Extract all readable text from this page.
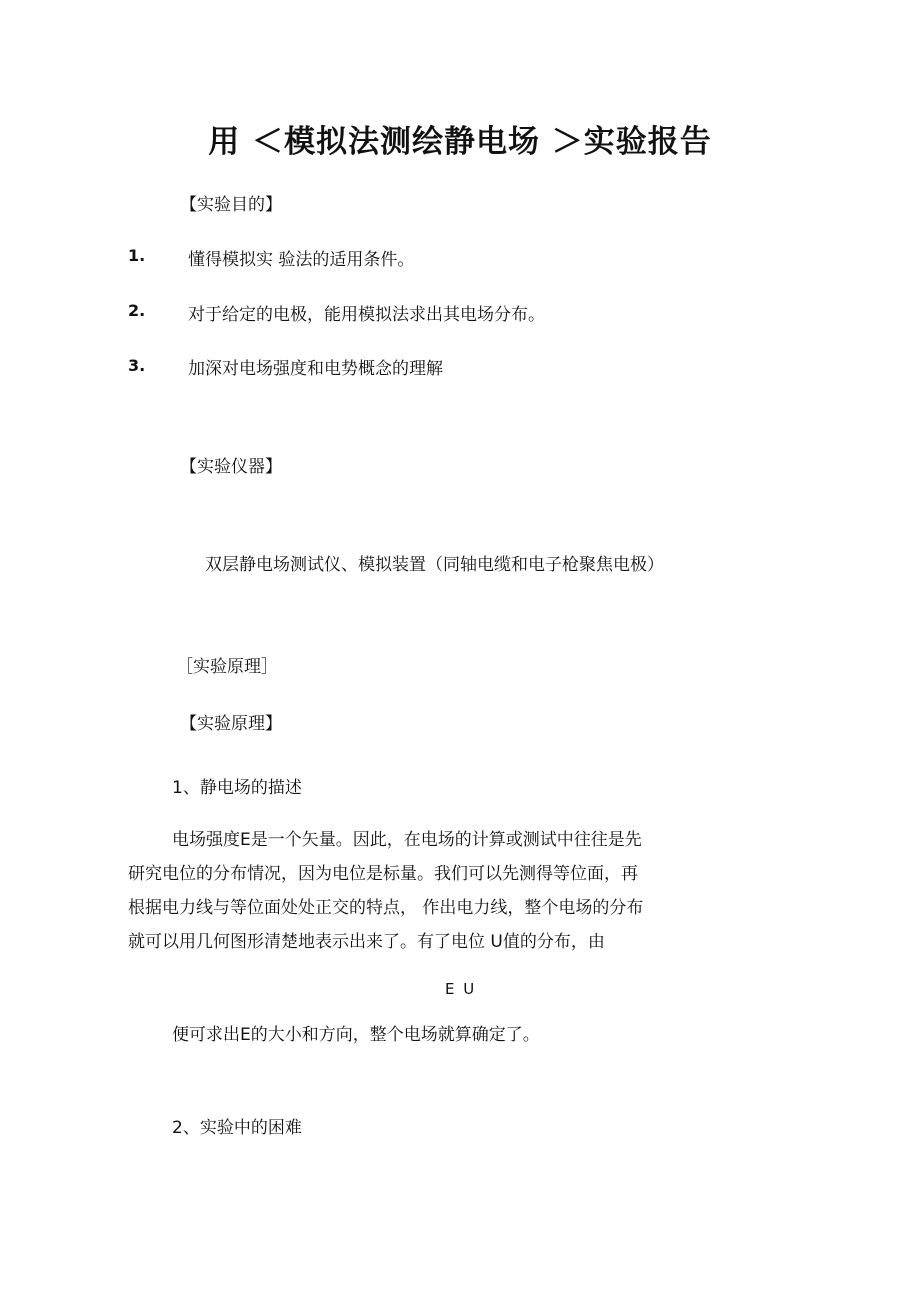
用 ＜模拟法测绘静电场 ＞实验报告
【实验目的】
1.	懂得模拟实 验法的适用条件。
2.	对于给定的电极，能用模拟法求出其电场分布。
3.	加深对电场强度和电势概念的理解
【实验仪器】
双层静电场测试仪、模拟装置（同轴电缆和电子枪聚焦电极）
［实验原理］
【实验原理】
1、静电场的描述
电场强度E是一个矢量。因此，在电场的计算或测试中往往是先
研究电位的分布情况，因为电位是标量。我们可以先测得等位面，再
根据电力线与等位面处处正交的特点， 作出电力线，整个电场的分布
就可以用几何图形清楚地表示出来了。有了电位 U值的分布，由
E U
便可求出E的大小和方向，整个电场就算确定了。
2、实验中的困难
